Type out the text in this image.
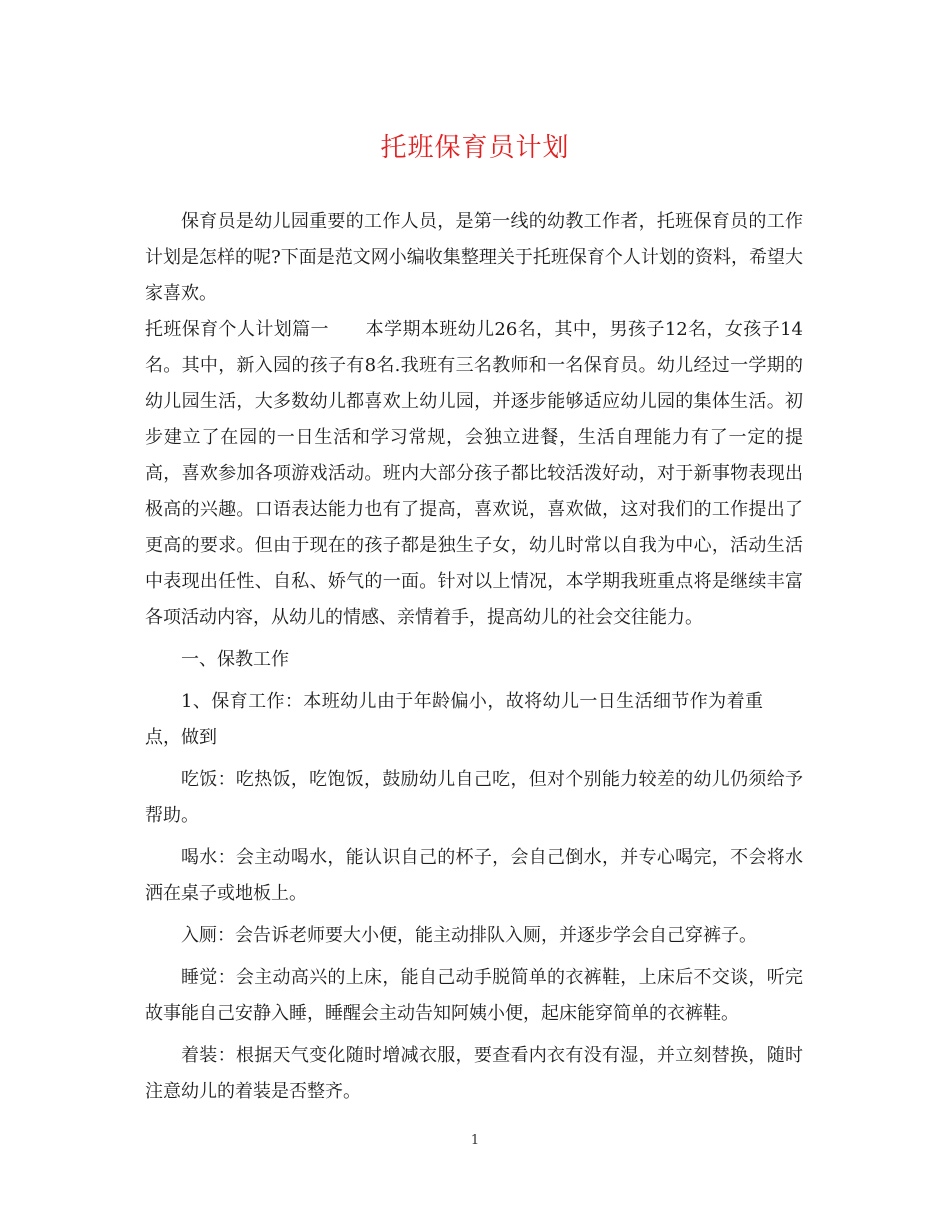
托班保育员计划

保育员是幼儿园重要的工作人员，是第一线的幼教工作者，托班保育员的工作计划是怎样的呢?下面是范文网小编收集整理关于托班保育个人计划的资料，希望大家喜欢。

托班保育个人计划篇一　　本学期本班幼儿26名，其中，男孩子12名，女孩子14名。其中，新入园的孩子有8名.我班有三名教师和一名保育员。幼儿经过一学期的幼儿园生活，大多数幼儿都喜欢上幼儿园，并逐步能够适应幼儿园的集体生活。初步建立了在园的一日生活和学习常规，会独立进餐，生活自理能力有了一定的提高，喜欢参加各项游戏活动。班内大部分孩子都比较活泼好动，对于新事物表现出极高的兴趣。口语表达能力也有了提高，喜欢说，喜欢做，这对我们的工作提出了更高的要求。但由于现在的孩子都是独生子女，幼儿时常以自我为中心，活动生活中表现出任性、自私、娇气的一面。针对以上情况，本学期我班重点将是继续丰富各项活动内容，从幼儿的情感、亲情着手，提高幼儿的社会交往能力。

一、保教工作

1、保育工作：本班幼儿由于年龄偏小，故将幼儿一日生活细节作为着重点，做到

吃饭：吃热饭，吃饱饭，鼓励幼儿自己吃，但对个别能力较差的幼儿仍须给予帮助。

喝水：会主动喝水，能认识自己的杯子，会自己倒水，并专心喝完，不会将水洒在桌子或地板上。

入厕：会告诉老师要大小便，能主动排队入厕，并逐步学会自己穿裤子。

睡觉：会主动高兴的上床，能自己动手脱简单的衣裤鞋，上床后不交谈，听完故事能自己安静入睡，睡醒会主动告知阿姨小便，起床能穿简单的衣裤鞋。

着装：根据天气变化随时增减衣服，要查看内衣有没有湿，并立刻替换，随时注意幼儿的着装是否整齐。

1
